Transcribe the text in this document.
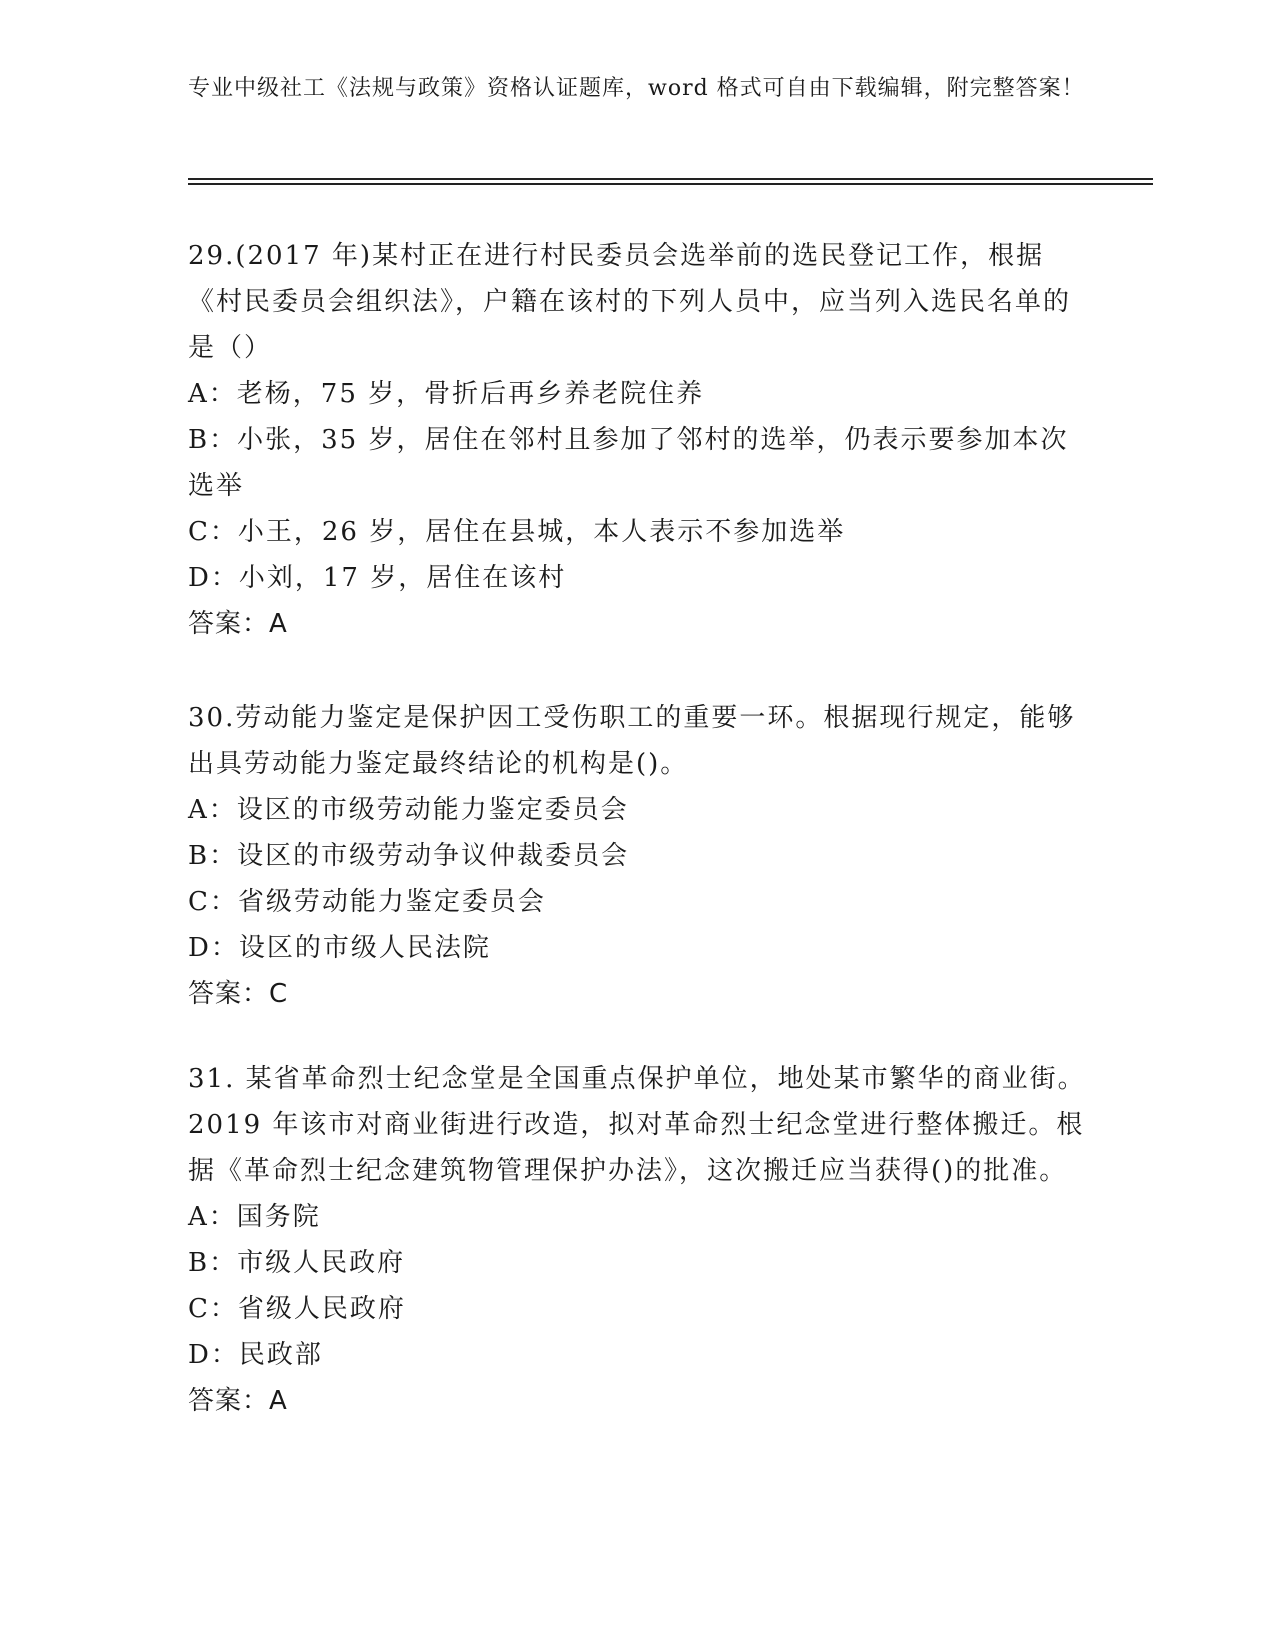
专业中级社工《法规与政策》资格认证题库，word 格式可自由下载编辑，附完整答案！

29.(2017 年)某村正在进行村民委员会选举前的选民登记工作，根据《村民委员会组织法》，户籍在该村的下列人员中，应当列入选民名单的是（）

A：老杨，75 岁，骨折后再乡养老院住养

B：小张，35 岁，居住在邻村且参加了邻村的选举，仍表示要参加本次选举

C：小王，26 岁，居住在县城，本人表示不参加选举

D：小刘，17 岁，居住在该村

答案：A

30.劳动能力鉴定是保护因工受伤职工的重要一环。根据现行规定，能够出具劳动能力鉴定最终结论的机构是()。

A：设区的市级劳动能力鉴定委员会

B：设区的市级劳动争议仲裁委员会

C：省级劳动能力鉴定委员会

D：设区的市级人民法院

答案：C

31. 某省革命烈士纪念堂是全国重点保护单位，地处某市繁华的商业街。2019 年该市对商业街进行改造，拟对革命烈士纪念堂进行整体搬迁。根据《革命烈士纪念建筑物管理保护办法》，这次搬迁应当获得()的批准。

A：国务院

B：市级人民政府

C：省级人民政府

D：民政部

答案：A
